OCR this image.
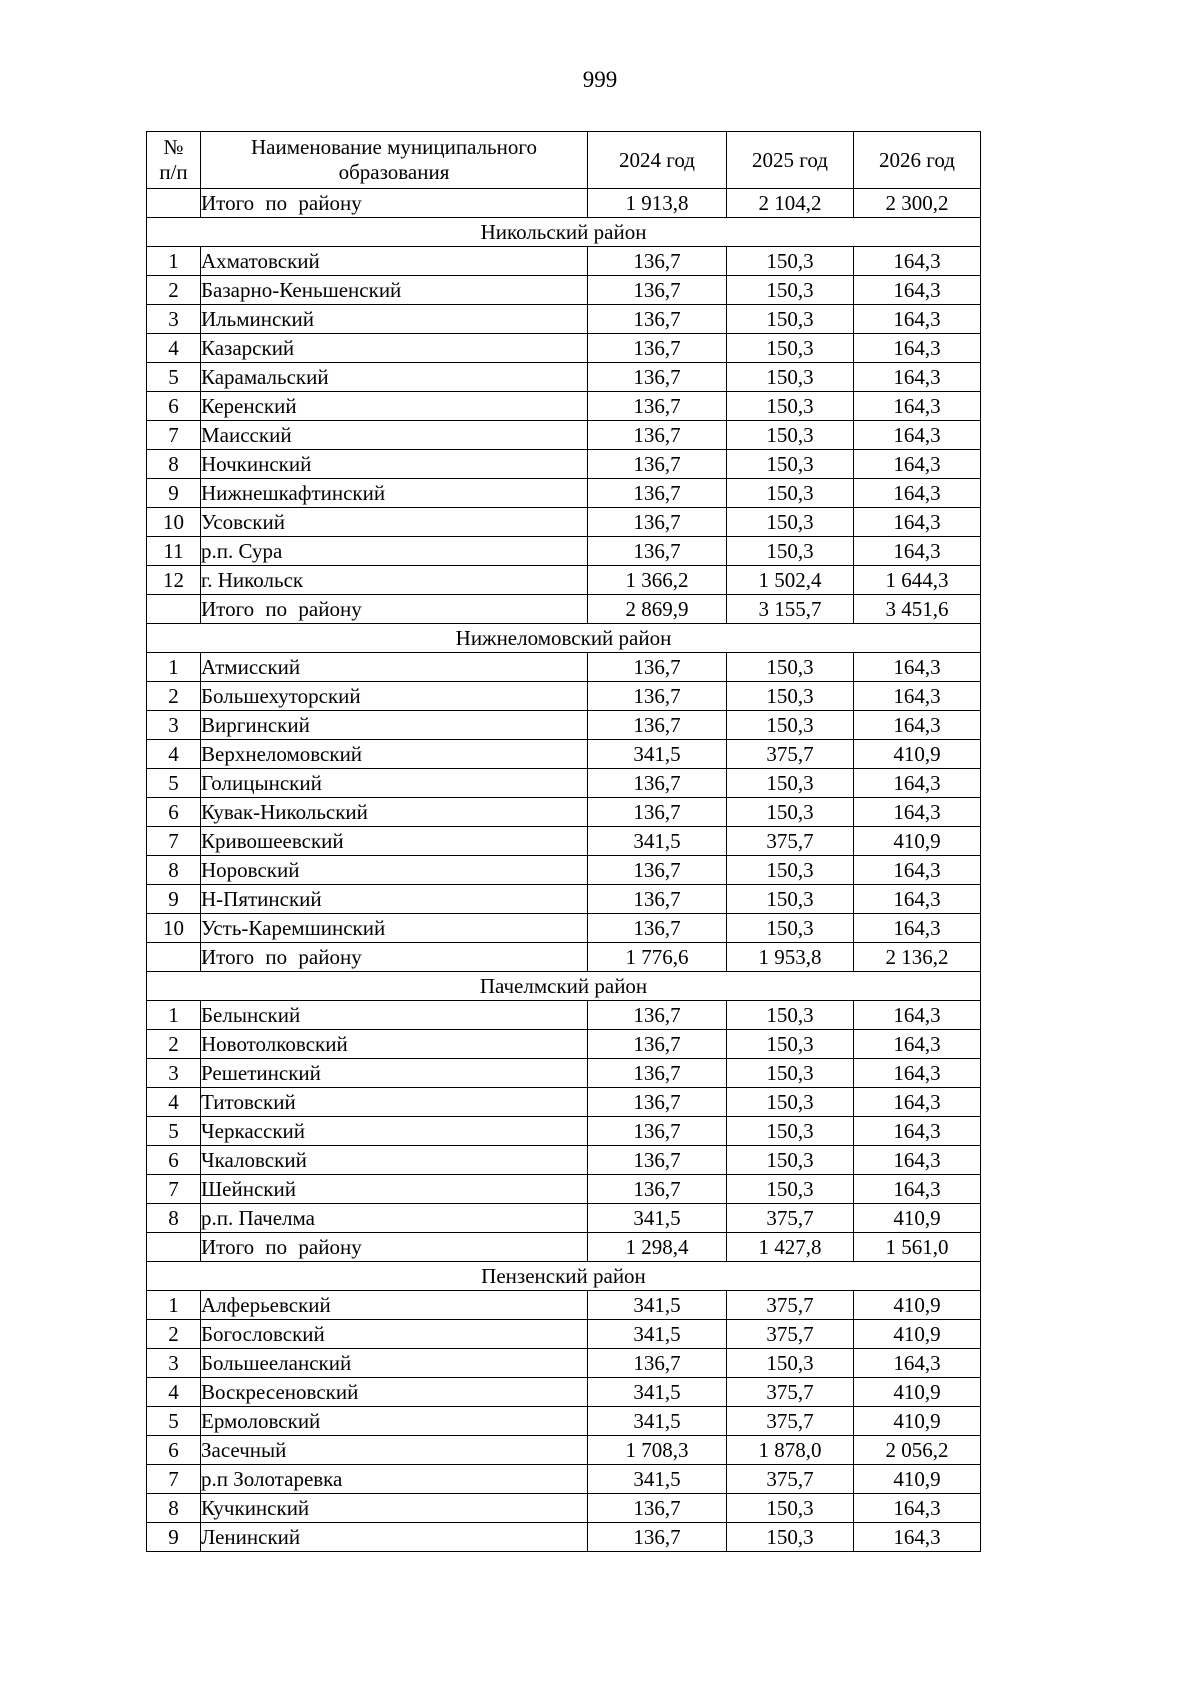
999
№
п/п	Наименование муниципального образования	2024 год	2025 год	2026 год
	Итого по району	1 913,8	2 104,2	2 300,2
Никольский район				
1	Ахматовский	136,7	150,3	164,3
2	Базарно-Кеньшенский	136,7	150,3	164,3
3	Ильминский	136,7	150,3	164,3
4	Казарский	136,7	150,3	164,3
5	Карамальский	136,7	150,3	164,3
6	Керенский	136,7	150,3	164,3
7	Маисский	136,7	150,3	164,3
8	Ночкинский	136,7	150,3	164,3
9	Нижнешкафтинский	136,7	150,3	164,3
10	Усовский	136,7	150,3	164,3
11	р.п. Сура	136,7	150,3	164,3
12	г. Никольск	1 366,2	1 502,4	1 644,3
	Итого по району	2 869,9	3 155,7	3 451,6
Нижнеломовский район				
1	Атмисский	136,7	150,3	164,3
2	Большехуторский	136,7	150,3	164,3
3	Виргинский	136,7	150,3	164,3
4	Верхнеломовский	341,5	375,7	410,9
5	Голицынский	136,7	150,3	164,3
6	Кувак-Никольский	136,7	150,3	164,3
7	Кривошеевский	341,5	375,7	410,9
8	Норовский	136,7	150,3	164,3
9	Н-Пятинский	136,7	150,3	164,3
10	Усть-Каремшинский	136,7	150,3	164,3
	Итого по району	1 776,6	1 953,8	2 136,2
Пачелмский район				
1	Белынский	136,7	150,3	164,3
2	Новотолковский	136,7	150,3	164,3
3	Решетинский	136,7	150,3	164,3
4	Титовский	136,7	150,3	164,3
5	Черкасский	136,7	150,3	164,3
6	Чкаловский	136,7	150,3	164,3
7	Шейнский	136,7	150,3	164,3
8	р.п. Пачелма	341,5	375,7	410,9
	Итого по району	1 298,4	1 427,8	1 561,0
Пензенский район				
1	Алферьевский	341,5	375,7	410,9
2	Богословский	341,5	375,7	410,9
3	Большееланский	136,7	150,3	164,3
4	Воскресеновский	341,5	375,7	410,9
5	Ермоловский	341,5	375,7	410,9
6	Засечный	1 708,3	1 878,0	2 056,2
7	р.п Золотаревка	341,5	375,7	410,9
8	Кучкинский	136,7	150,3	164,3
9	Ленинский	136,7	150,3	164,3
